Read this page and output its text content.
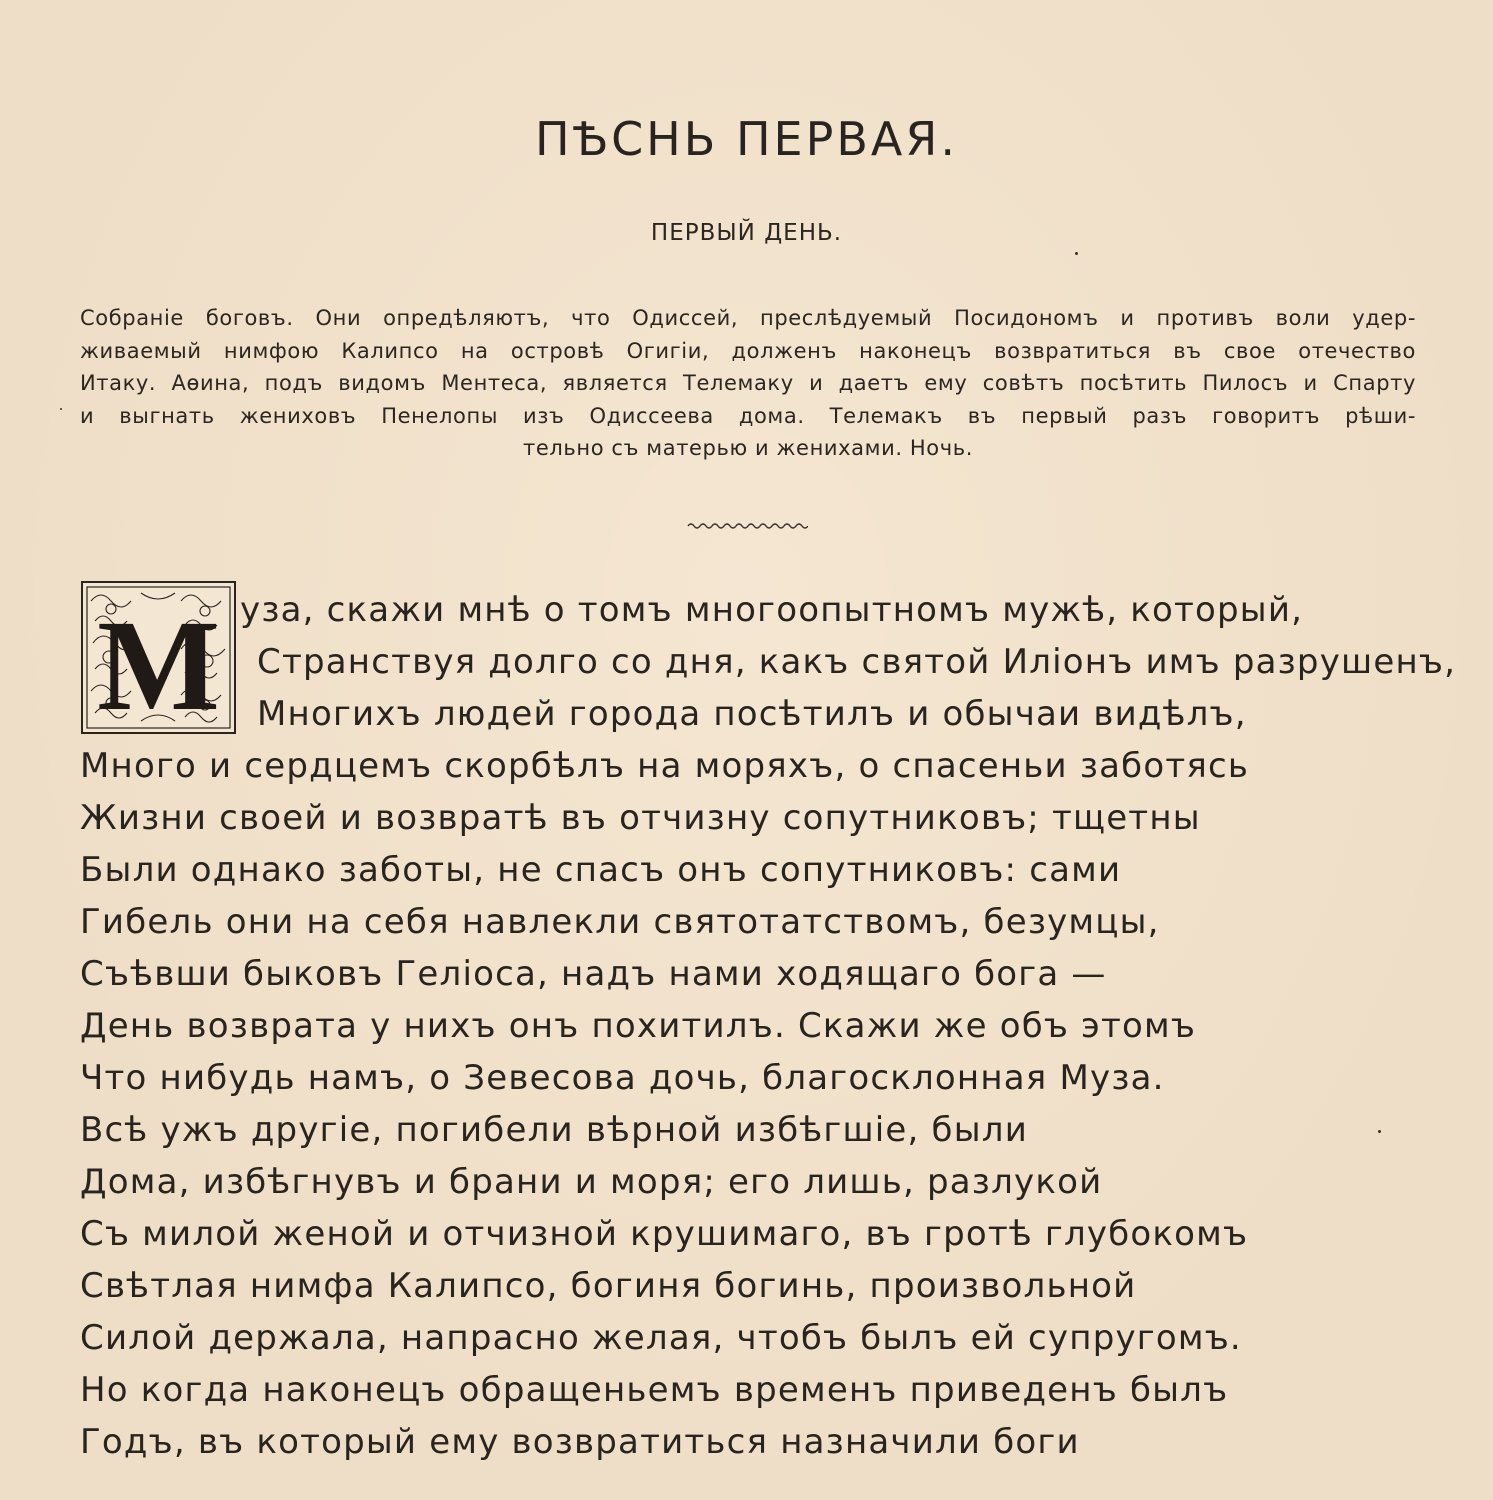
ПѢСНЬ ПЕРВАЯ.
ПЕРВЫЙ ДЕНЬ.
Собраніе боговъ. Они опредѣляютъ, что Одиссей, преслѣдуемый Посидономъ и противъ воли удер-
живаемый нимфою Калипсо на островѣ Огигіи, долженъ наконецъ возвратиться въ свое отечество
Итаку. Аѳина, подъ видомъ Ментеса, является Телемаку и даетъ ему совѣтъ посѣтить Пилосъ и Спарту
и выгнать жениховъ Пенелопы изъ Одиссеева дома. Телемакъ въ первый разъ говоритъ рѣши-
тельно съ матерью и женихами. Ночь.
M уза, скажи мнѣ о томъ многоопытномъ мужѣ, который,
Странствуя долго со дня, какъ святой Иліонъ имъ разрушенъ,
Многихъ людей города посѣтилъ и обычаи видѣлъ,
Много и сердцемъ скорбѣлъ на моряхъ, о спасеньи заботясь
Жизни своей и возвратѣ въ отчизну сопутниковъ; тщетны
Были однако заботы, не спасъ онъ сопутниковъ: сами
Гибель они на себя навлекли святотатствомъ, безумцы,
Съѣвши быковъ Геліоса, надъ нами ходящаго бога —
День возврата у нихъ онъ похитилъ. Скажи же объ этомъ
Что нибудь намъ, о Зевесова дочь, благосклонная Муза.
Всѣ ужъ другіе, погибели вѣрной избѣгшіе, были
Дома, избѣгнувъ и брани и моря; его лишь, разлукой
Съ милой женой и отчизной крушимаго, въ гротѣ глубокомъ
Свѣтлая нимфа Калипсо, богиня богинь, произвольной
Силой держала, напрасно желая, чтобъ былъ ей супругомъ.
Но когда наконецъ обращеньемъ временъ приведенъ былъ
Годъ, въ который ему возвратиться назначили боги
